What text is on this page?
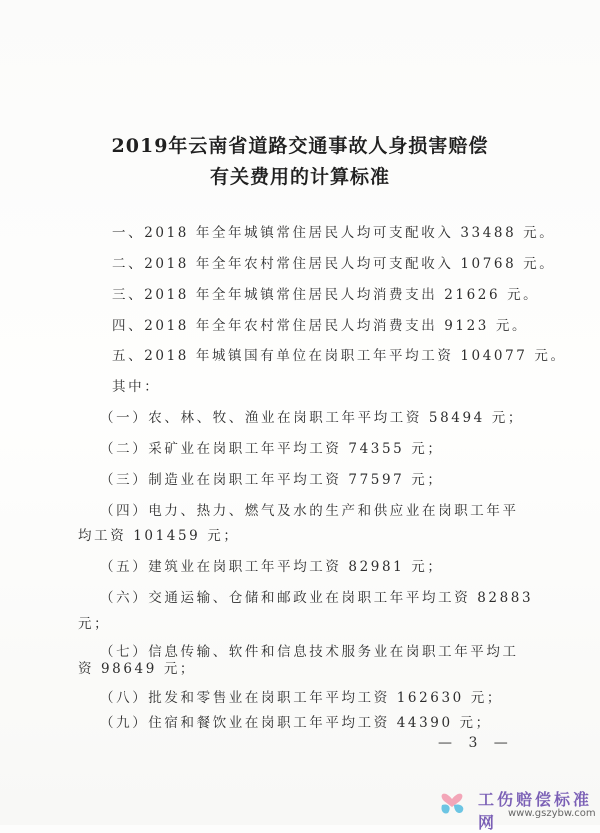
2019年云南省道路交通事故人身损害赔偿
有关费用的计算标准
一、2018 年全年城镇常住居民人均可支配收入 33488 元。
二、2018 年全年农村常住居民人均可支配收入 10768 元。
三、2018 年全年城镇常住居民人均消费支出 21626 元。
四、2018 年全年农村常住居民人均消费支出 9123 元。
五、2018 年城镇国有单位在岗职工年平均工资 104077 元。
其中：
（一）农、林、牧、渔业在岗职工年平均工资 58494 元；
（二）采矿业在岗职工年平均工资 74355 元；
（三）制造业在岗职工年平均工资 77597 元；
（四）电力、热力、燃气及水的生产和供应业在岗职工年平
均工资 101459 元；
（五）建筑业在岗职工年平均工资 82981 元；
（六）交通运输、仓储和邮政业在岗职工年平均工资 82883
元；
（七）信息传输、软件和信息技术服务业在岗职工年平均工
资 98649 元；
（八）批发和零售业在岗职工年平均工资 162630 元；
（九）住宿和餐饮业在岗职工年平均工资 44390 元；
— 3 —
工伤赔偿标准网	www.gszybw.com
